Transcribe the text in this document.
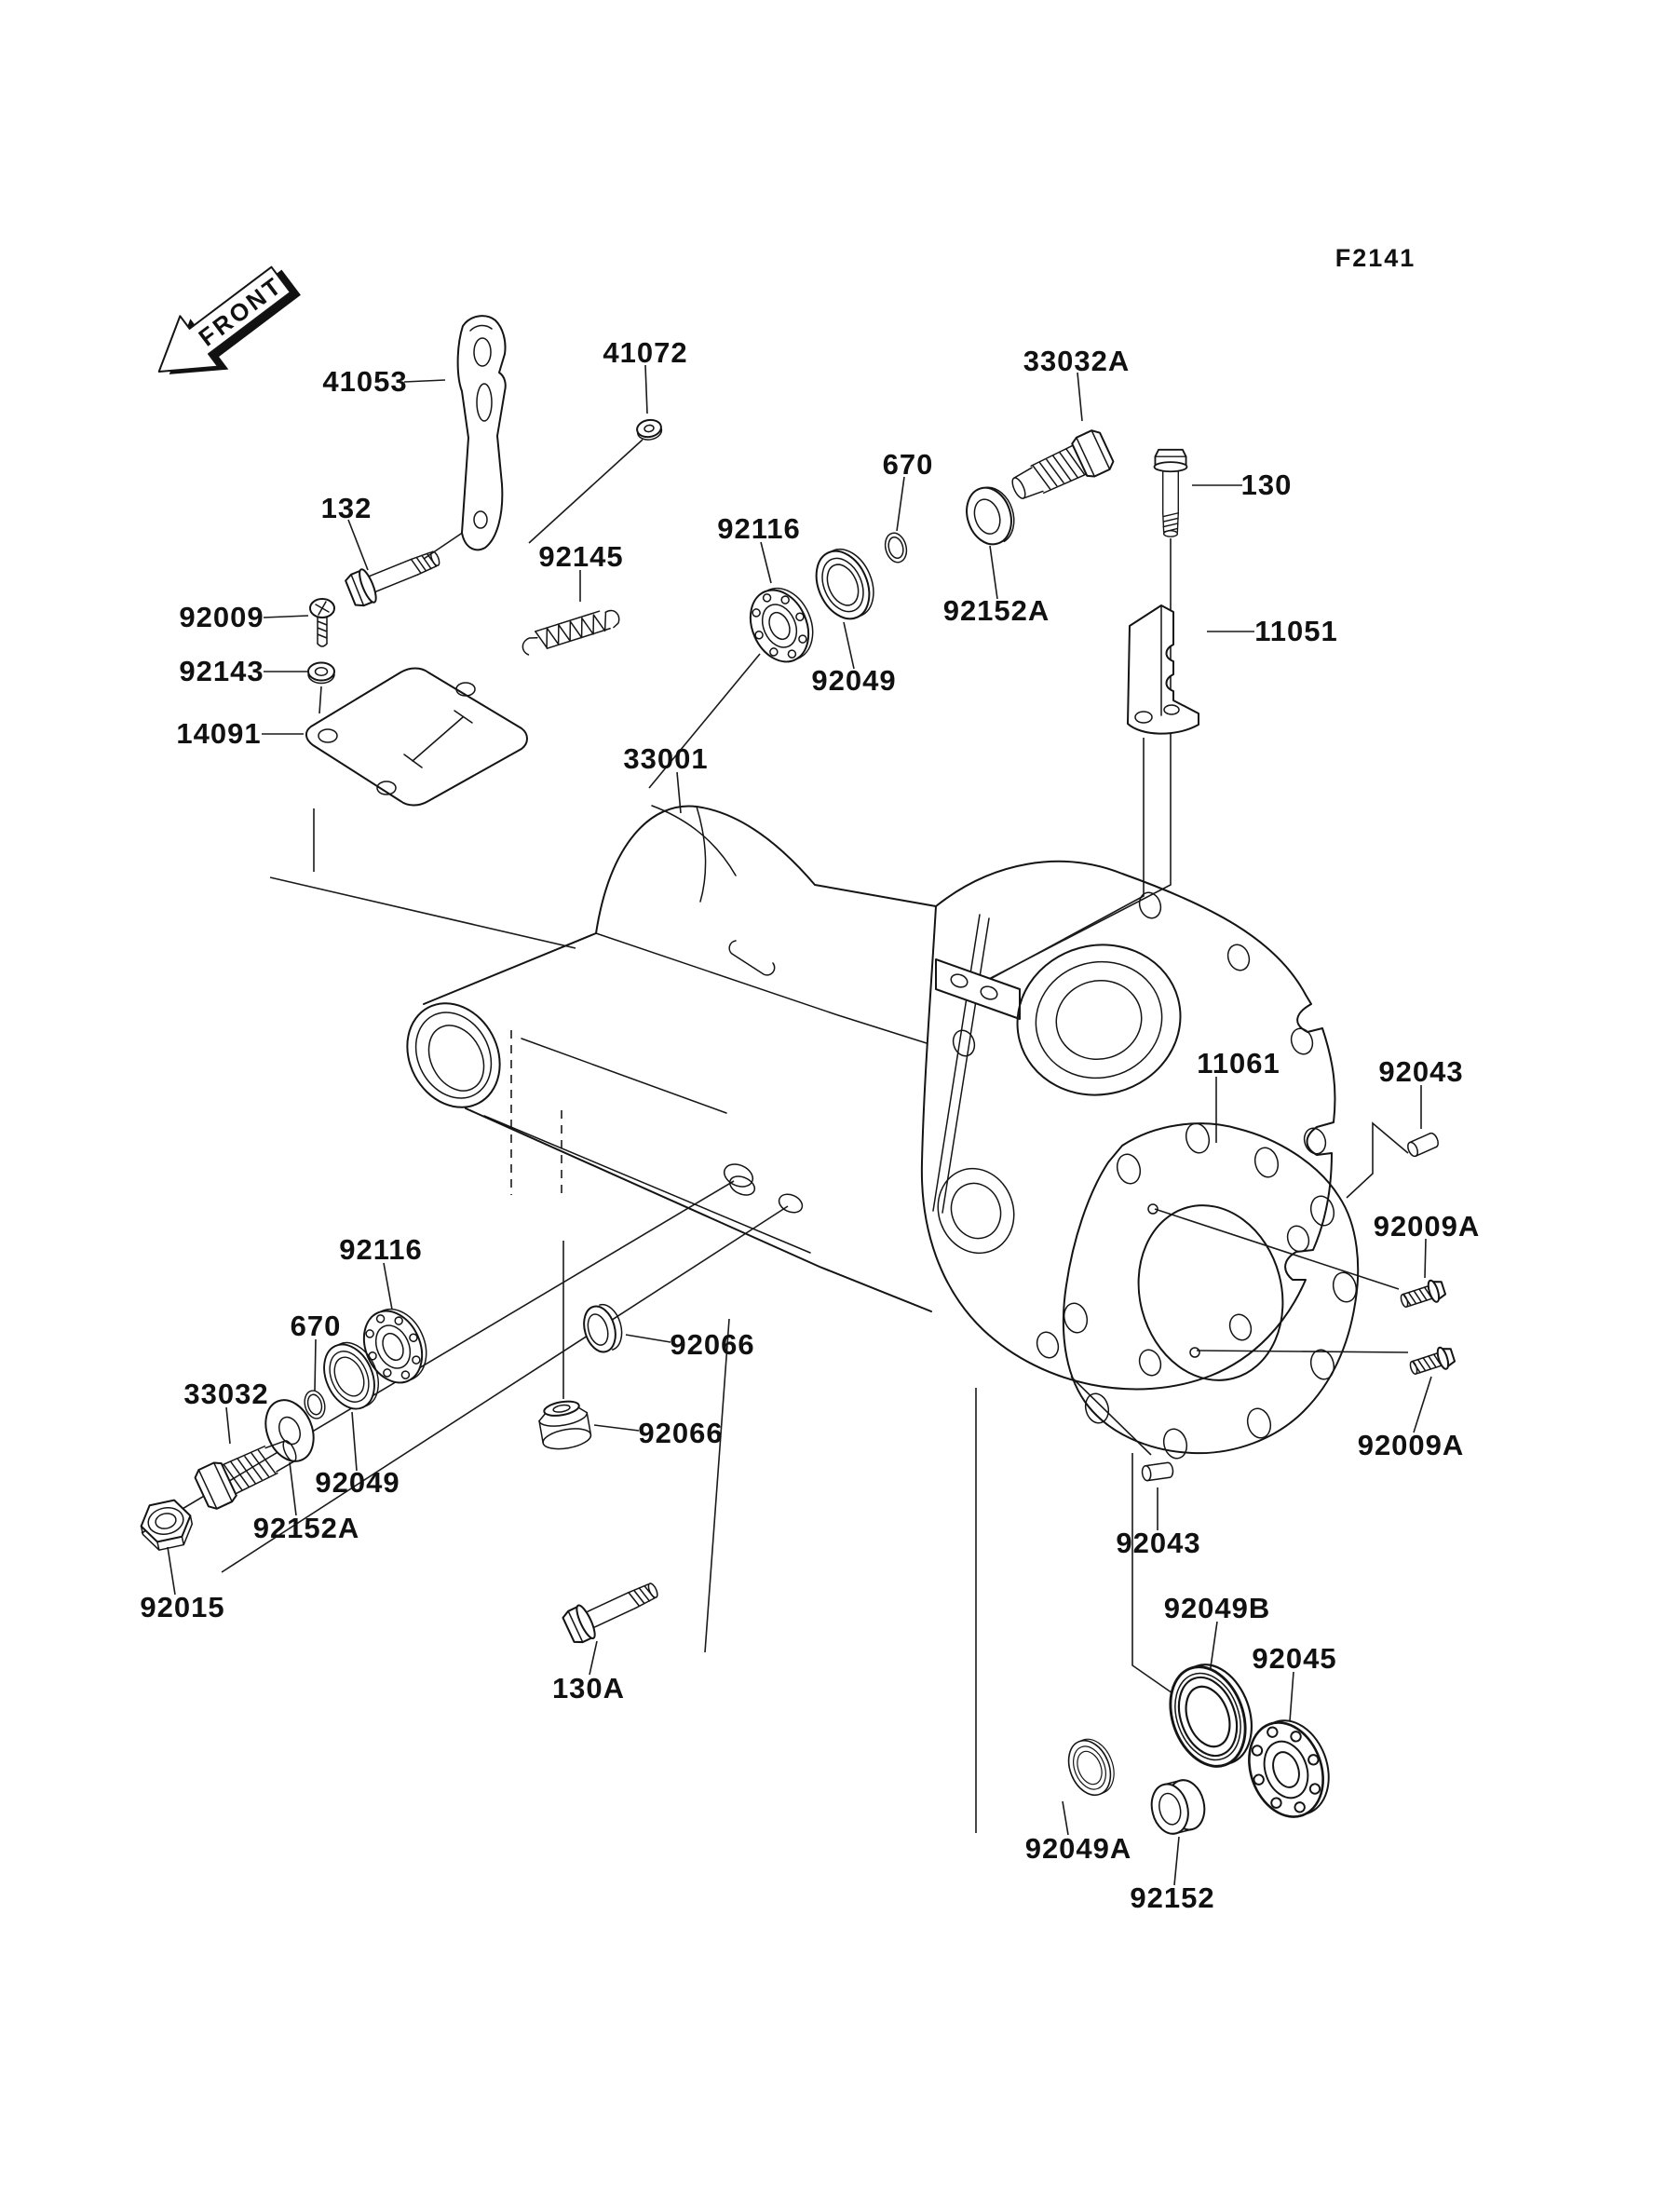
FRONT
F2141
41053
41072	33032A
670
130
132
92145
92116
92152A
92009
92049
11051
92143
14091
33001
11061	92043
92009A
92009A
92116
670
33032
92152A
92049
92066
92066
92015
130A
92049B
92045
92043
92049A
92152
